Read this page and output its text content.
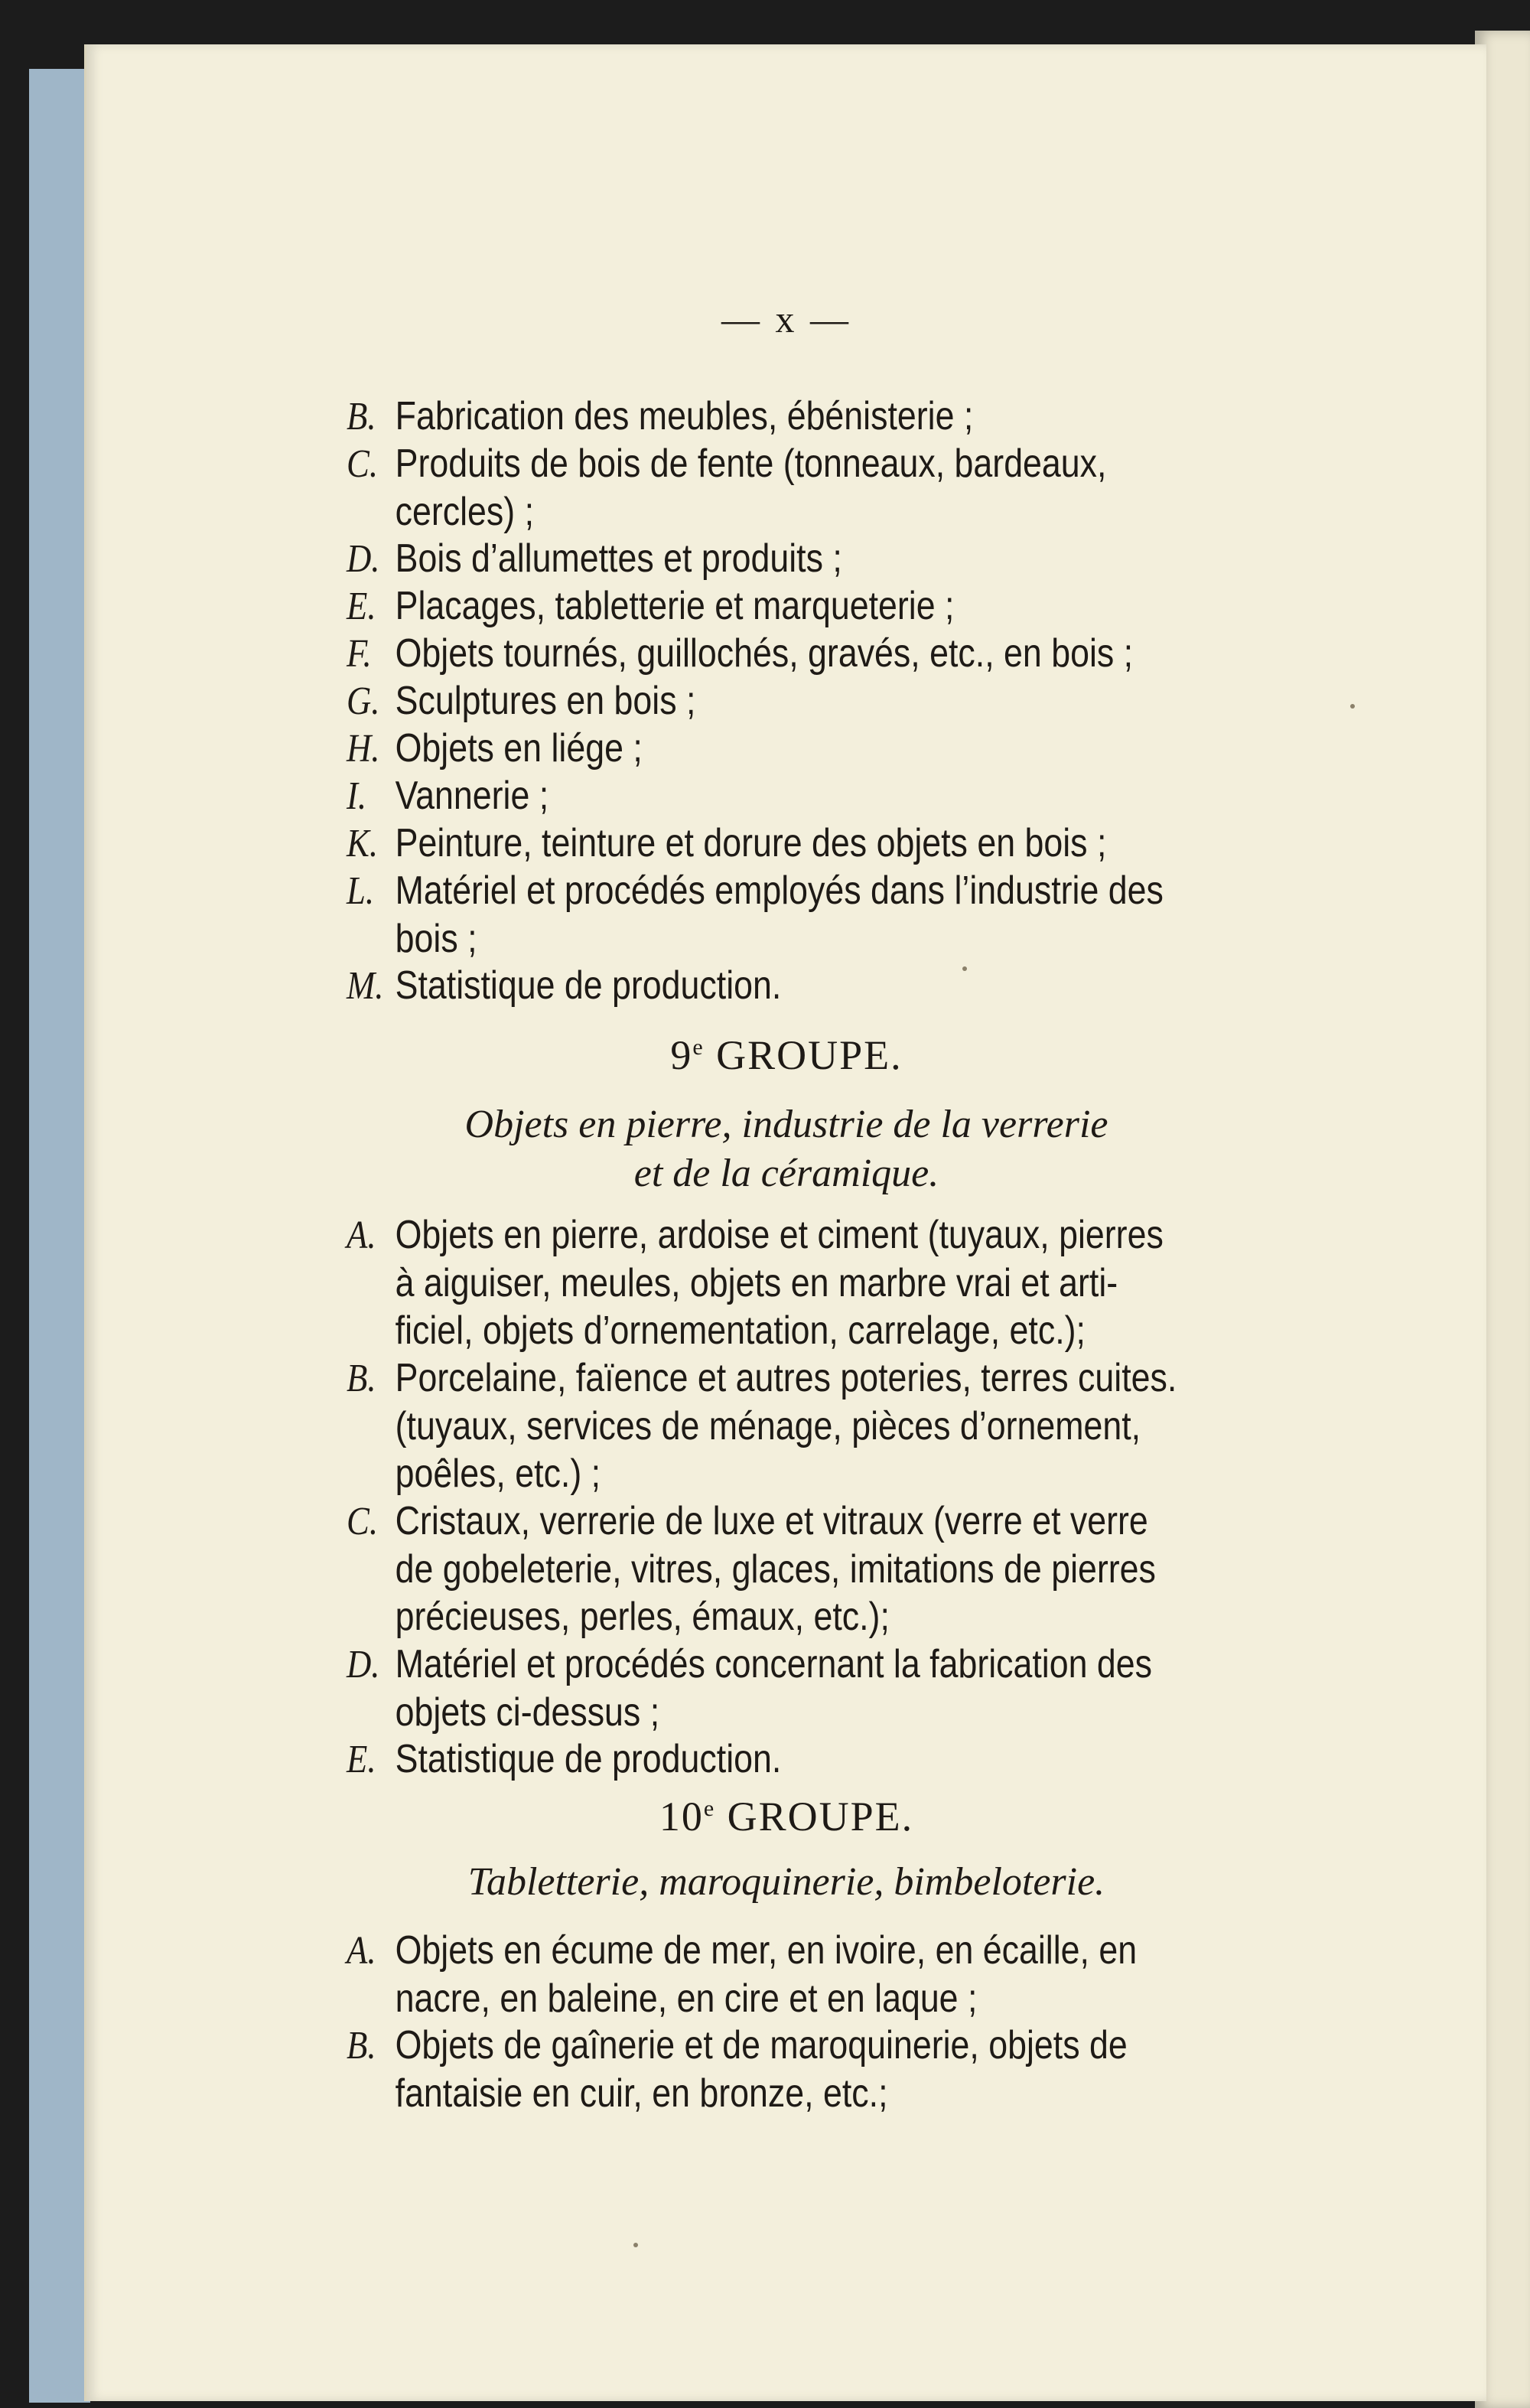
— x —
B. Fabrication des meubles, ébénisterie ;
C. Produits de bois de fente (tonneaux, bardeaux,
cercles) ;
D. Bois d’allumettes et produits ;
E. Placages, tabletterie et marqueterie ;
F. Objets tournés, guillochés, gravés, etc., en bois ;
G. Sculptures en bois ;
H. Objets en liége ;
I. Vannerie ;
K. Peinture, teinture et dorure des objets en bois ;
L. Matériel et procédés employés dans l’industrie des
bois ;
M. Statistique de production.
9e GROUPE.
Objets en pierre, industrie de la verrerie
et de la céramique.
A. Objets en pierre, ardoise et ciment (tuyaux, pierres
à aiguiser, meules, objets en marbre vrai et arti-
ficiel, objets d’ornementation, carrelage, etc.);
B. Porcelaine, faïence et autres poteries, terres cuites.
(tuyaux, services de ménage, pièces d’ornement,
poêles, etc.) ;
C. Cristaux, verrerie de luxe et vitraux (verre et verre
de gobeleterie, vitres, glaces, imitations de pierres
précieuses, perles, émaux, etc.);
D. Matériel et procédés concernant la fabrication des
objets ci-dessus ;
E. Statistique de production.
10e GROUPE.
Tabletterie, maroquinerie, bimbeloterie.
A. Objets en écume de mer, en ivoire, en écaille, en
nacre, en baleine, en cire et en laque ;
B. Objets de gaînerie et de maroquinerie, objets de
fantaisie en cuir, en bronze, etc.;
